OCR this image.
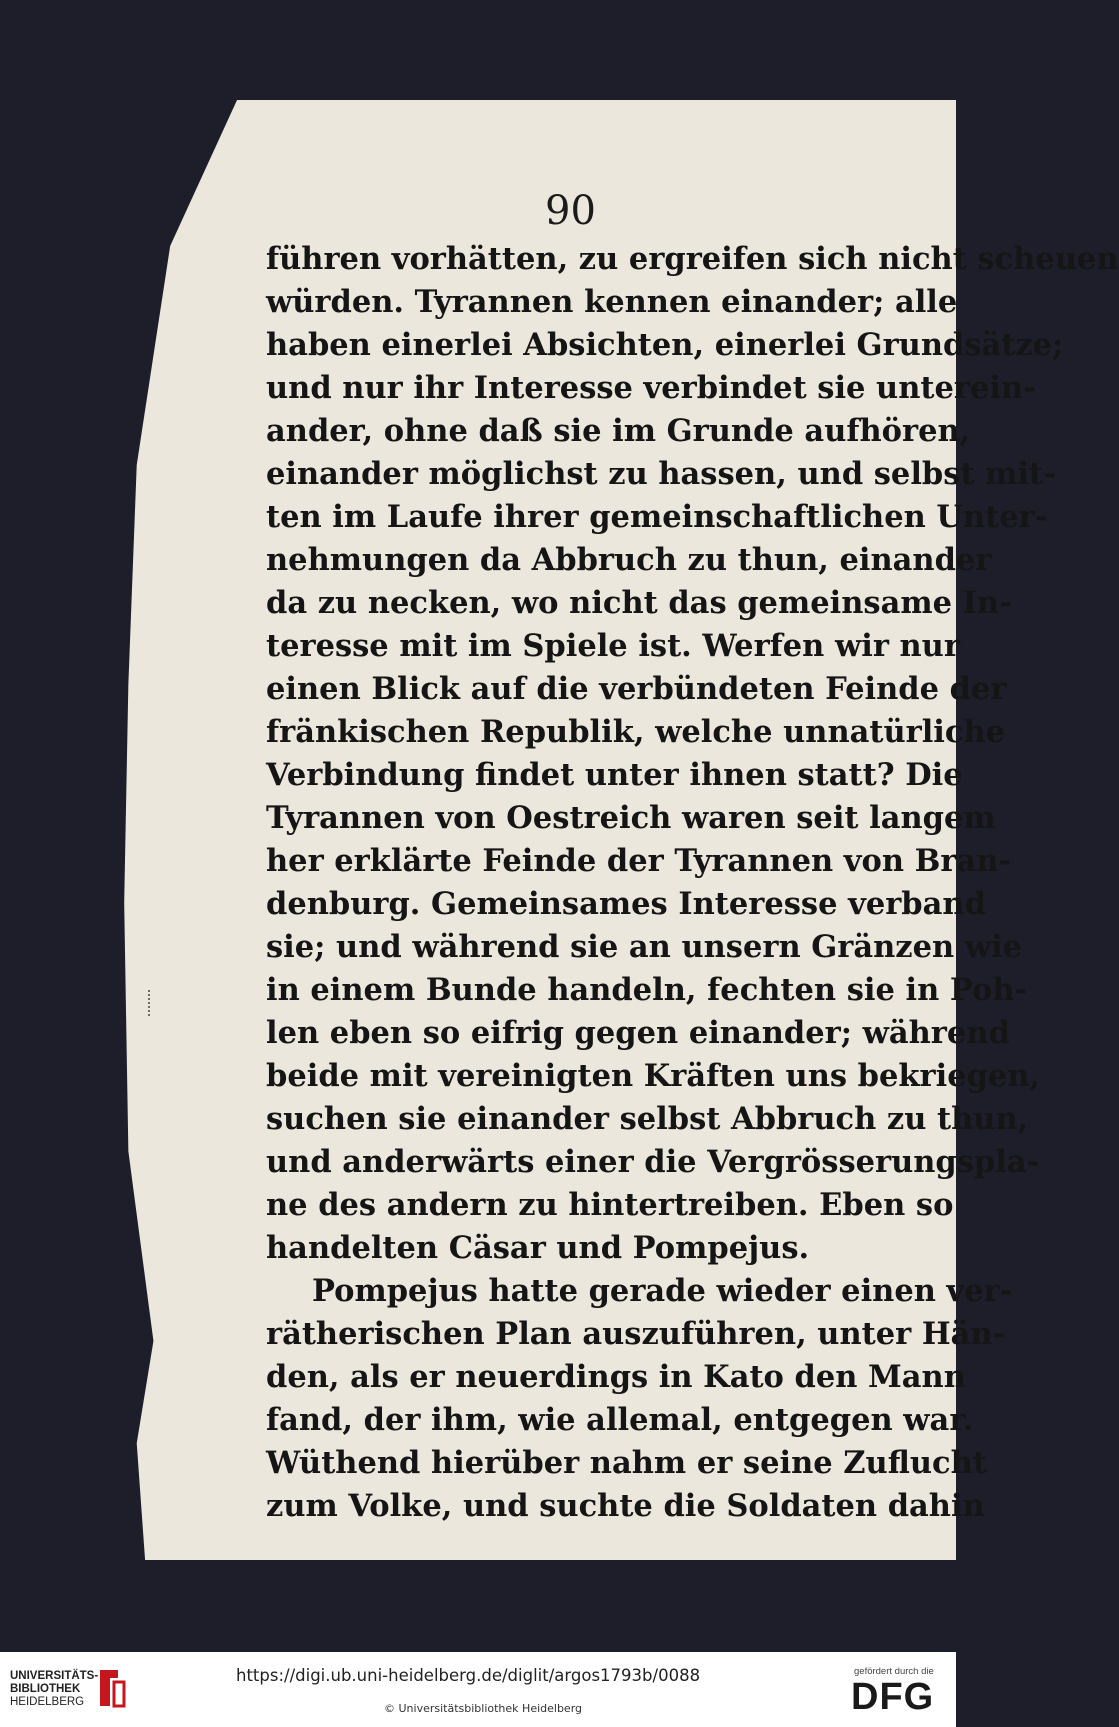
90
führen vorhätten, zu ergreifen sich nicht scheuen
würden. Tyrannen kennen einander; alle
haben einerlei Absichten, einerlei Grundsätze;
und nur ihr Interesse verbindet sie unterein-
ander, ohne daß sie im Grunde aufhören,
einander möglichst zu hassen, und selbst mit-
ten im Laufe ihrer gemeinschaftlichen Unter-
nehmungen da Abbruch zu thun, einander
da zu necken, wo nicht das gemeinsame In-
teresse mit im Spiele ist. Werfen wir nur
einen Blick auf die verbündeten Feinde der
fränkischen Republik, welche unnatürliche
Verbindung findet unter ihnen statt? Die
Tyrannen von Oestreich waren seit langem
her erklärte Feinde der Tyrannen von Bran-
denburg. Gemeinsames Interesse verband
sie; und während sie an unsern Gränzen wie
in einem Bunde handeln, fechten sie in Poh-
len eben so eifrig gegen einander; während
beide mit vereinigten Kräften uns bekriegen,
suchen sie einander selbst Abbruch zu thun,
und anderwärts einer die Vergrösserungspla-
ne des andern zu hintertreiben. Eben so
handelten Cäsar und Pompejus.
Pompejus hatte gerade wieder einen ver-
rätherischen Plan auszuführen, unter Hän-
den, als er neuerdings in Kato den Mann
fand, der ihm, wie allemal, entgegen war.
Wüthend hierüber nahm er seine Zuflucht
zum Volke, und suchte die Soldaten dahin
UNIVERSITÄTS-
BIBLIOTHEK
HEIDELBERG
https://digi.ub.uni-heidelberg.de/diglit/argos1793b/0088
© Universitätsbibliothek Heidelberg
gefördert durch die
DFG
